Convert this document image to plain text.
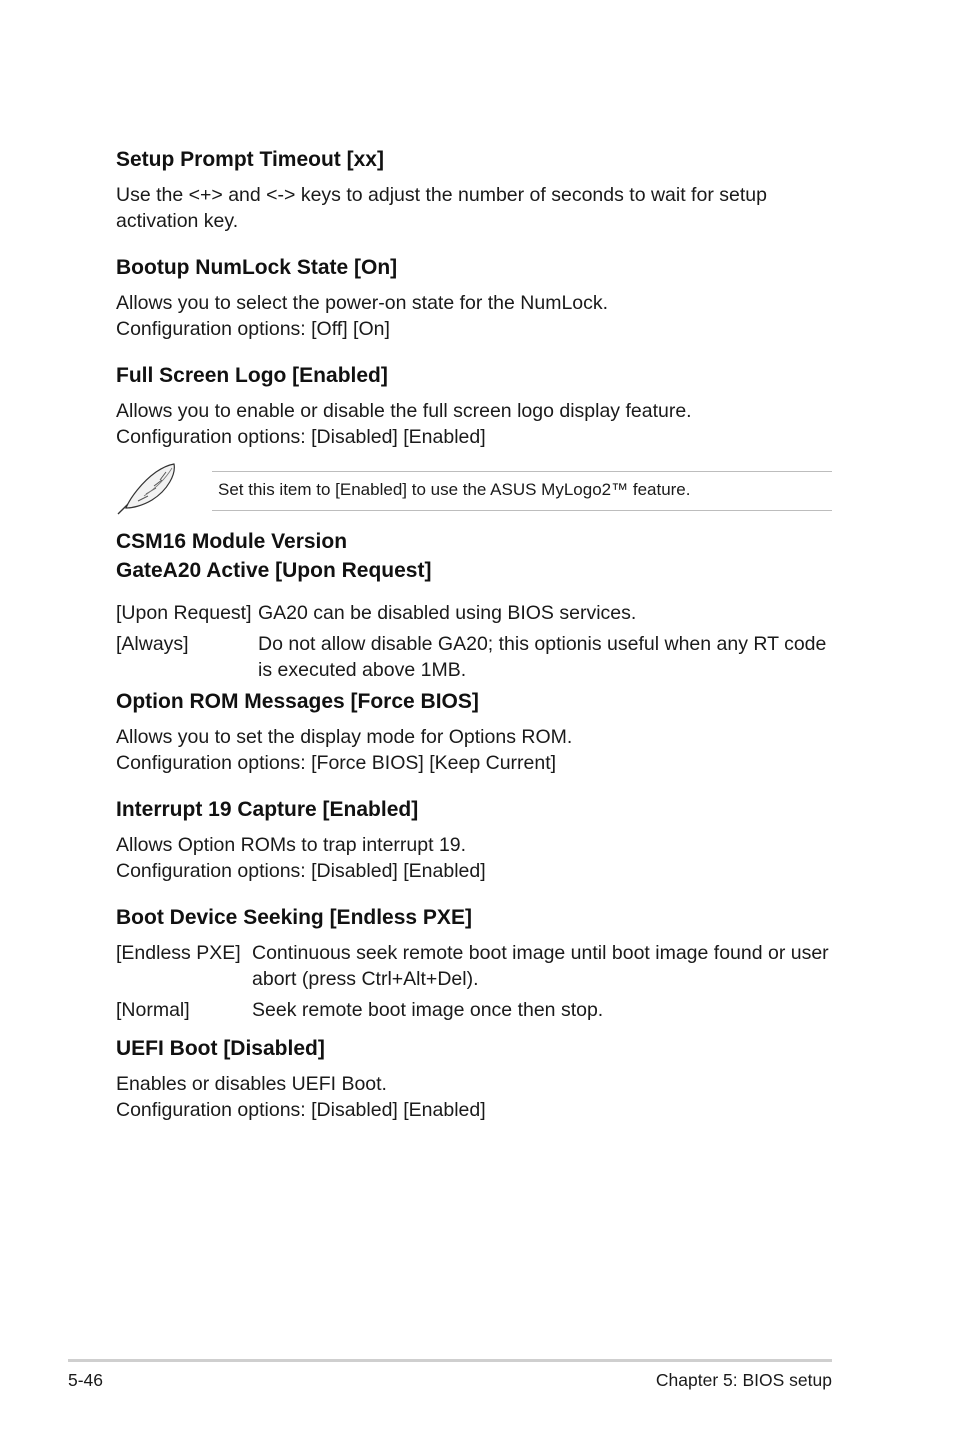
Setup Prompt Timeout [xx]

Use the <+> and <-> keys to adjust the number of seconds to wait for setup

activation key.

Bootup NumLock State [On]

Allows you to select the power-on state for the NumLock.

Configuration options: [Off] [On]

Full Screen Logo [Enabled]

Allows you to enable or disable the full screen logo display feature.

Configuration options: [Disabled] [Enabled]

Set this item to [Enabled] to use the ASUS MyLogo2™ feature.
CSM16 Module Version
GateA20 Active [Upon Request]
[Upon Request] GA20 can be disabled using BIOS services.
[Always]	Do not allow disable GA20; this optionis useful when any RT code is executed above 1MB.
Option ROM Messages [Force BIOS]

Allows you to set the display mode for Options ROM.

Configuration options: [Force BIOS] [Keep Current]

Interrupt 19 Capture [Enabled]

Allows Option ROMs to trap interrupt 19.

Configuration options: [Disabled] [Enabled]

Boot Device Seeking [Endless PXE]
[Endless PXE] Continuous seek remote boot image until boot image found or user abort (press Ctrl+Alt+Del).
[Normal]	Seek remote boot image once then stop.
UEFI Boot [Disabled]

Enables or disables UEFI Boot.

Configuration options: [Disabled] [Enabled]

5-46	Chapter 5: BIOS setup
